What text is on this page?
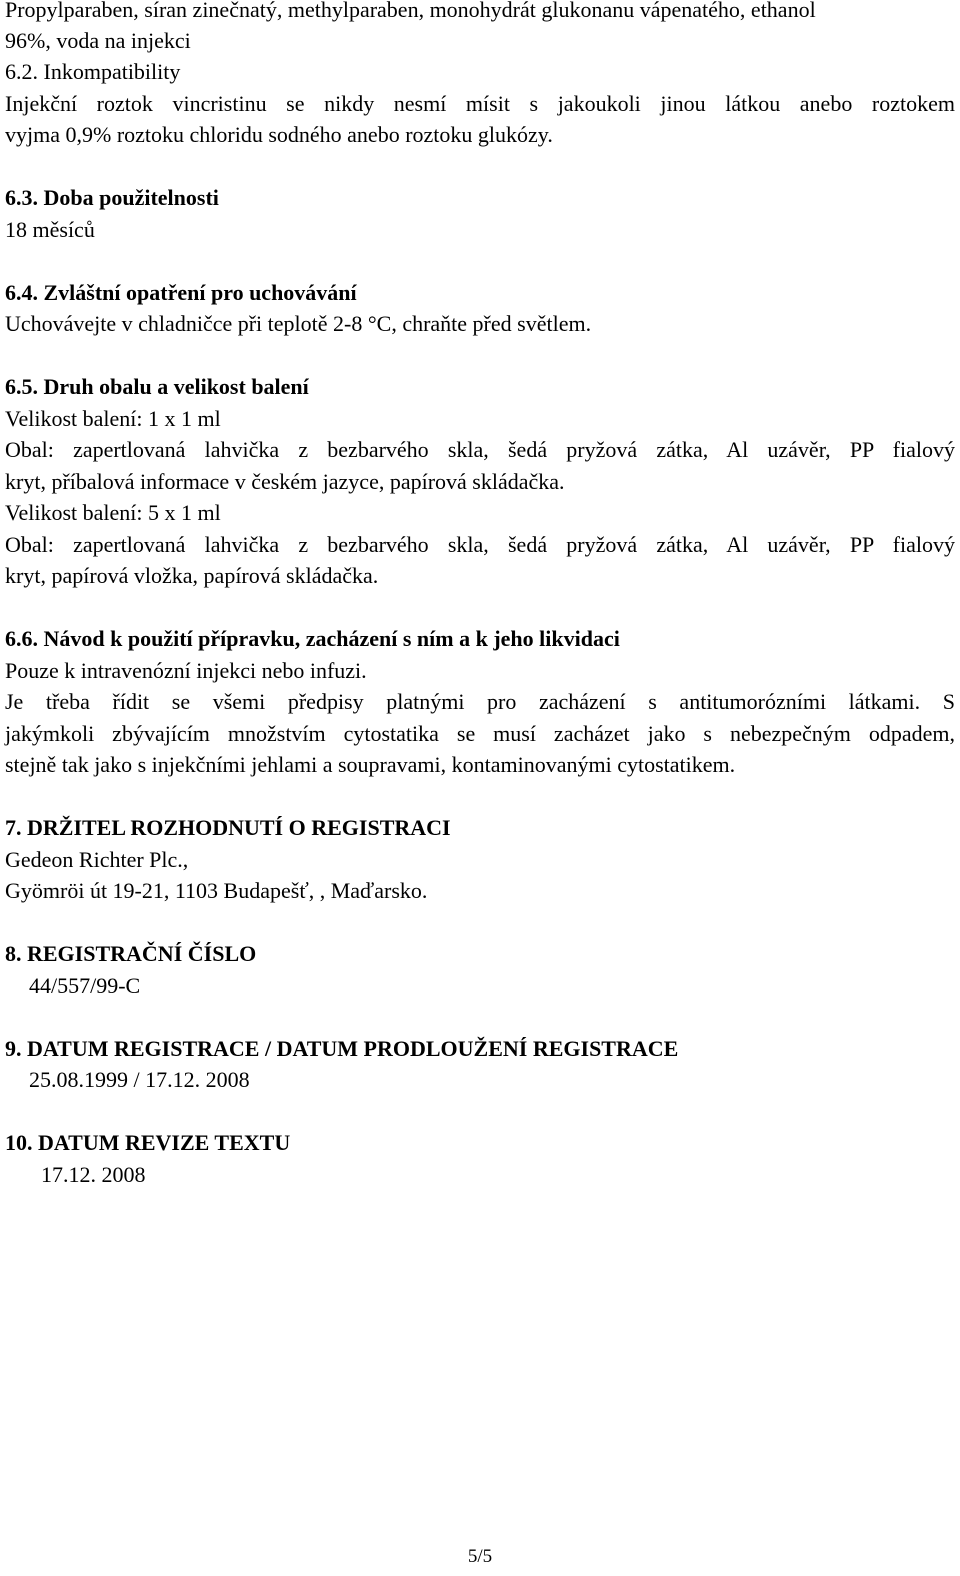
Propylparaben, síran zinečnatý, methylparaben, monohydrát glukonanu vápenatého, ethanol
96%, voda na injekci
6.2. Inkompatibility
Injekční roztok vincristinu se nikdy nesmí mísit s jakoukoli jinou látkou anebo roztokem
vyjma 0,9% roztoku chloridu sodného anebo roztoku glukózy.
6.3. Doba použitelnosti
18 měsíců
6.4. Zvláštní opatření pro uchovávání
Uchovávejte v chladničce při teplotě 2-8 °C, chraňte před světlem.
6.5. Druh obalu a velikost balení
Velikost balení: 1 x 1 ml
Obal: zapertlovaná lahvička z bezbarvého skla, šedá pryžová zátka, Al uzávěr, PP fialový
kryt, příbalová informace v českém jazyce, papírová skládačka.
Velikost balení: 5 x 1 ml
Obal: zapertlovaná lahvička z bezbarvého skla, šedá pryžová zátka, Al uzávěr, PP fialový
kryt, papírová vložka, papírová skládačka.
6.6. Návod k použití přípravku, zacházení s ním a k jeho likvidaci
Pouze k intravenózní injekci nebo infuzi.
Je třeba řídit se všemi předpisy platnými pro zacházení s antitumorózními látkami. S
jakýmkoli zbývajícím množstvím cytostatika se musí zacházet jako s nebezpečným odpadem,
stejně tak jako s injekčními jehlami a soupravami, kontaminovanými cytostatikem.
7. DRŽITEL ROZHODNUTÍ O REGISTRACI
Gedeon Richter Plc.,
Gyömröi út 19-21, 1103 Budapešť, , Maďarsko.
8. REGISTRAČNÍ ČÍSLO
44/557/99-C
9. DATUM REGISTRACE / DATUM PRODLOUŽENÍ REGISTRACE
25.08.1999 / 17.12. 2008
10. DATUM REVIZE TEXTU
17.12. 2008
5/5
